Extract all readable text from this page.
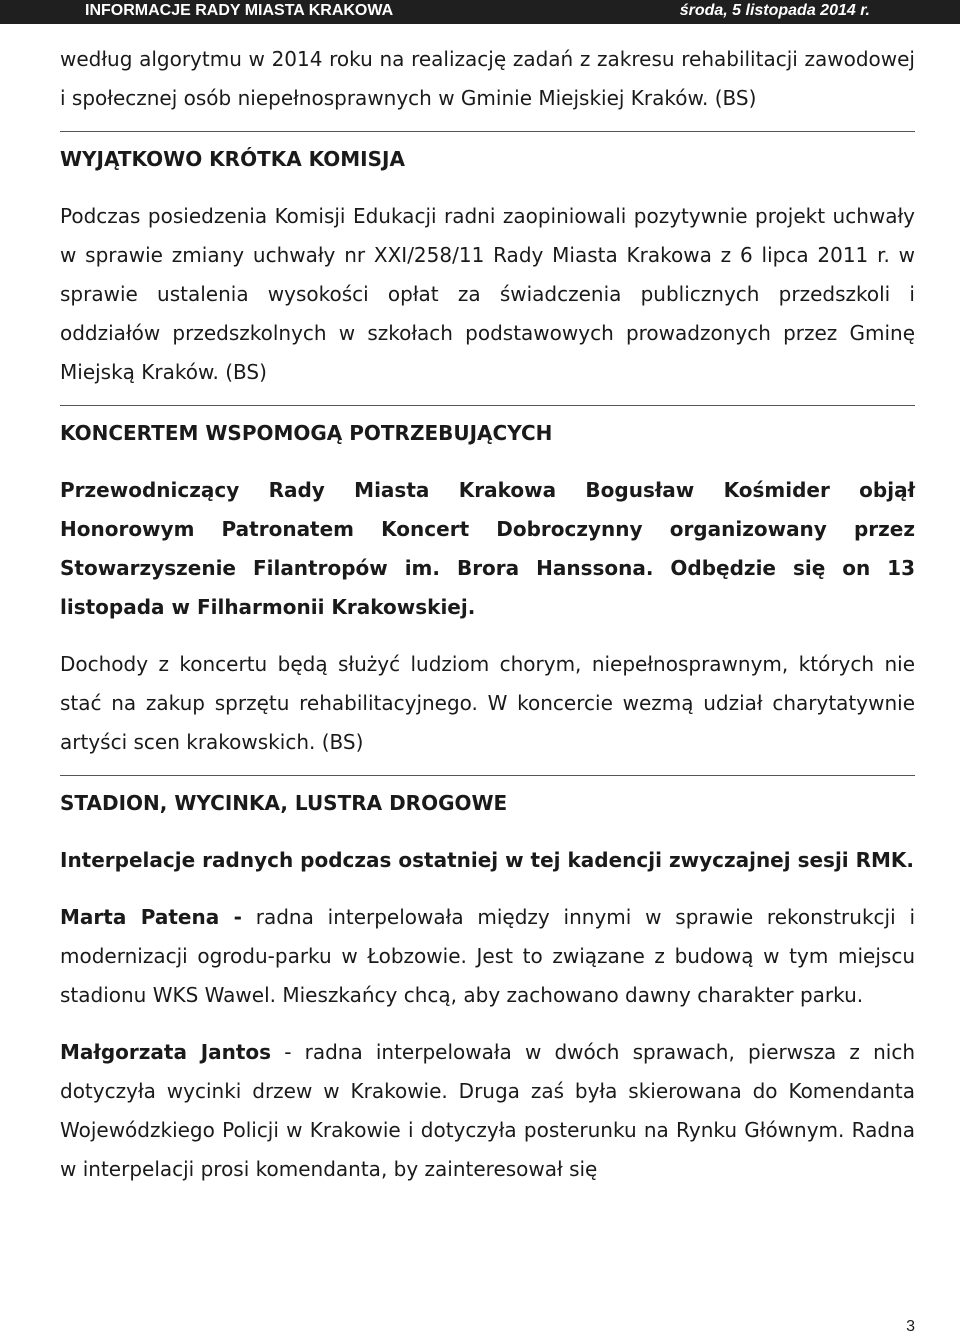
INFORMACJE RADY MIASTA KRAKOWA	środa, 5 listopada 2014 r.

według algorytmu w 2014 roku na realizację zadań z zakresu rehabilitacji zawodowej i społecznej osób niepełnosprawnych w Gminie Miejskiej Kraków. (BS)

WYJĄTKOWO KRÓTKA KOMISJA

Podczas posiedzenia Komisji Edukacji radni zaopiniowali pozytywnie projekt uchwały w sprawie zmiany uchwały nr XXI/258/11 Rady Miasta Krakowa z 6 lipca 2011 r. w sprawie ustalenia wysokości opłat za świadczenia publicznych przedszkoli i oddziałów przedszkolnych w szkołach podstawowych prowadzonych przez Gminę Miejską Kraków. (BS)

KONCERTEM WSPOMOGĄ POTRZEBUJĄCYCH

Przewodniczący Rady Miasta Krakowa Bogusław Kośmider objął Honorowym Patronatem Koncert Dobroczynny organizowany przez Stowarzyszenie Filantropów im. Brora Hanssona. Odbędzie się on 13 listopada w Filharmonii Krakowskiej.

Dochody z koncertu będą służyć ludziom chorym, niepełnosprawnym, których nie stać na zakup sprzętu rehabilitacyjnego. W koncercie wezmą udział charytatywnie artyści scen krakowskich. (BS)

STADION, WYCINKA, LUSTRA DROGOWE

Interpelacje radnych podczas ostatniej w tej kadencji zwyczajnej sesji RMK.

Marta Patena - radna interpelowała między innymi w sprawie rekonstrukcji i modernizacji ogrodu-parku w Łobzowie. Jest to związane z budową w tym miejscu stadionu WKS Wawel. Mieszkańcy chcą, aby zachowano dawny charakter parku.

Małgorzata Jantos - radna interpelowała w dwóch sprawach, pierwsza z nich dotyczyła wycinki drzew w Krakowie. Druga zaś była skierowana do Komendanta Wojewódzkiego Policji w Krakowie i dotyczyła posterunku na Rynku Głównym. Radna w interpelacji prosi komendanta, by zainteresował się

3
